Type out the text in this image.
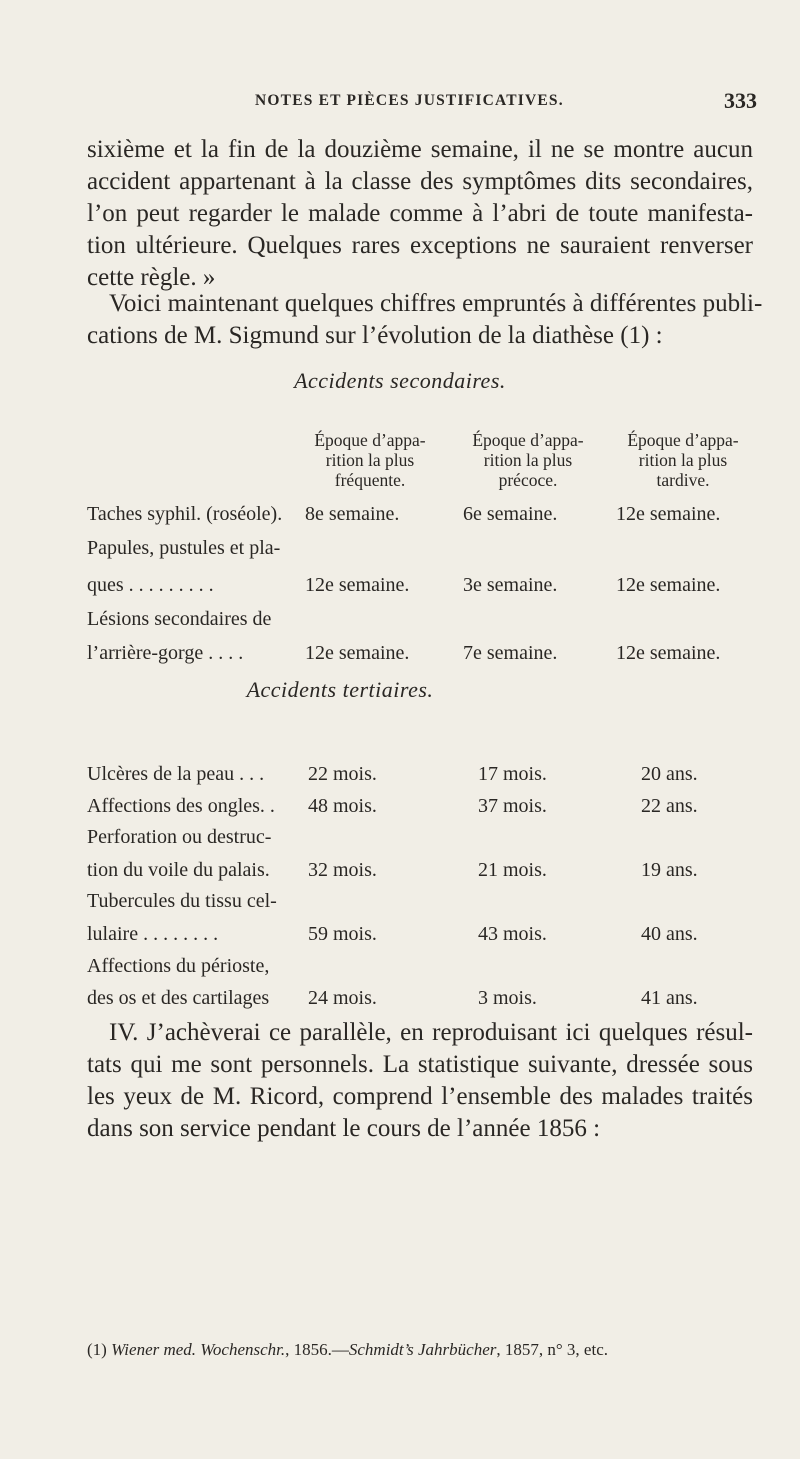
NOTES ET PIÈCES JUSTIFICATIVES.	333
sixième et la fin de la douzième semaine, il ne se montre aucun
accident appartenant à la classe des symptômes dits secondaires,
l’on peut regarder le malade comme à l’abri de toute manifesta-
tion ultérieure. Quelques rares exceptions ne sauraient renverser
cette règle. »
Voici maintenant quelques chiffres empruntés à différentes publi-
cations de M. Sigmund sur l’évolution de la diathèse (1) :
Accidents secondaires.
Époque d’appa-
rition la plus
fréquente.
Époque d’appa-
rition la plus
précoce.
Époque d’appa-
rition la plus
tardive.
Taches syphil. (roséole). 8e semaine.	6e semaine.	12e semaine.
Papules, pustules et pla-
ques . . . . . . . . .	12e semaine.	3e semaine.	12e semaine.
Lésions secondaires de
l’arrière-gorge . . . .	12e semaine.	7e semaine.	12e semaine.
Accidents tertiaires.
Ulcères de la peau . . . 22 mois.	17 mois.	20 ans.
Affections des ongles. . 48 mois.	37 mois.	22 ans.
Perforation ou destruc-
tion du voile du palais. 32 mois.	21 mois.	19 ans.
Tubercules du tissu cel-
lulaire . . . . . . . .	59 mois.	43 mois.	40 ans.
Affections du périoste,
des os et des cartilages 24 mois.	3 mois.	41 ans.
IV. J’achèverai ce parallèle, en reproduisant ici quelques résul-
tats qui me sont personnels. La statistique suivante, dressée sous
les yeux de M. Ricord, comprend l’ensemble des malades traités
dans son service pendant le cours de l’année 1856 :
(1) Wiener med. Wochenschr., 1856.—Schmidt’s Jahrbücher, 1857, n° 3, etc.
